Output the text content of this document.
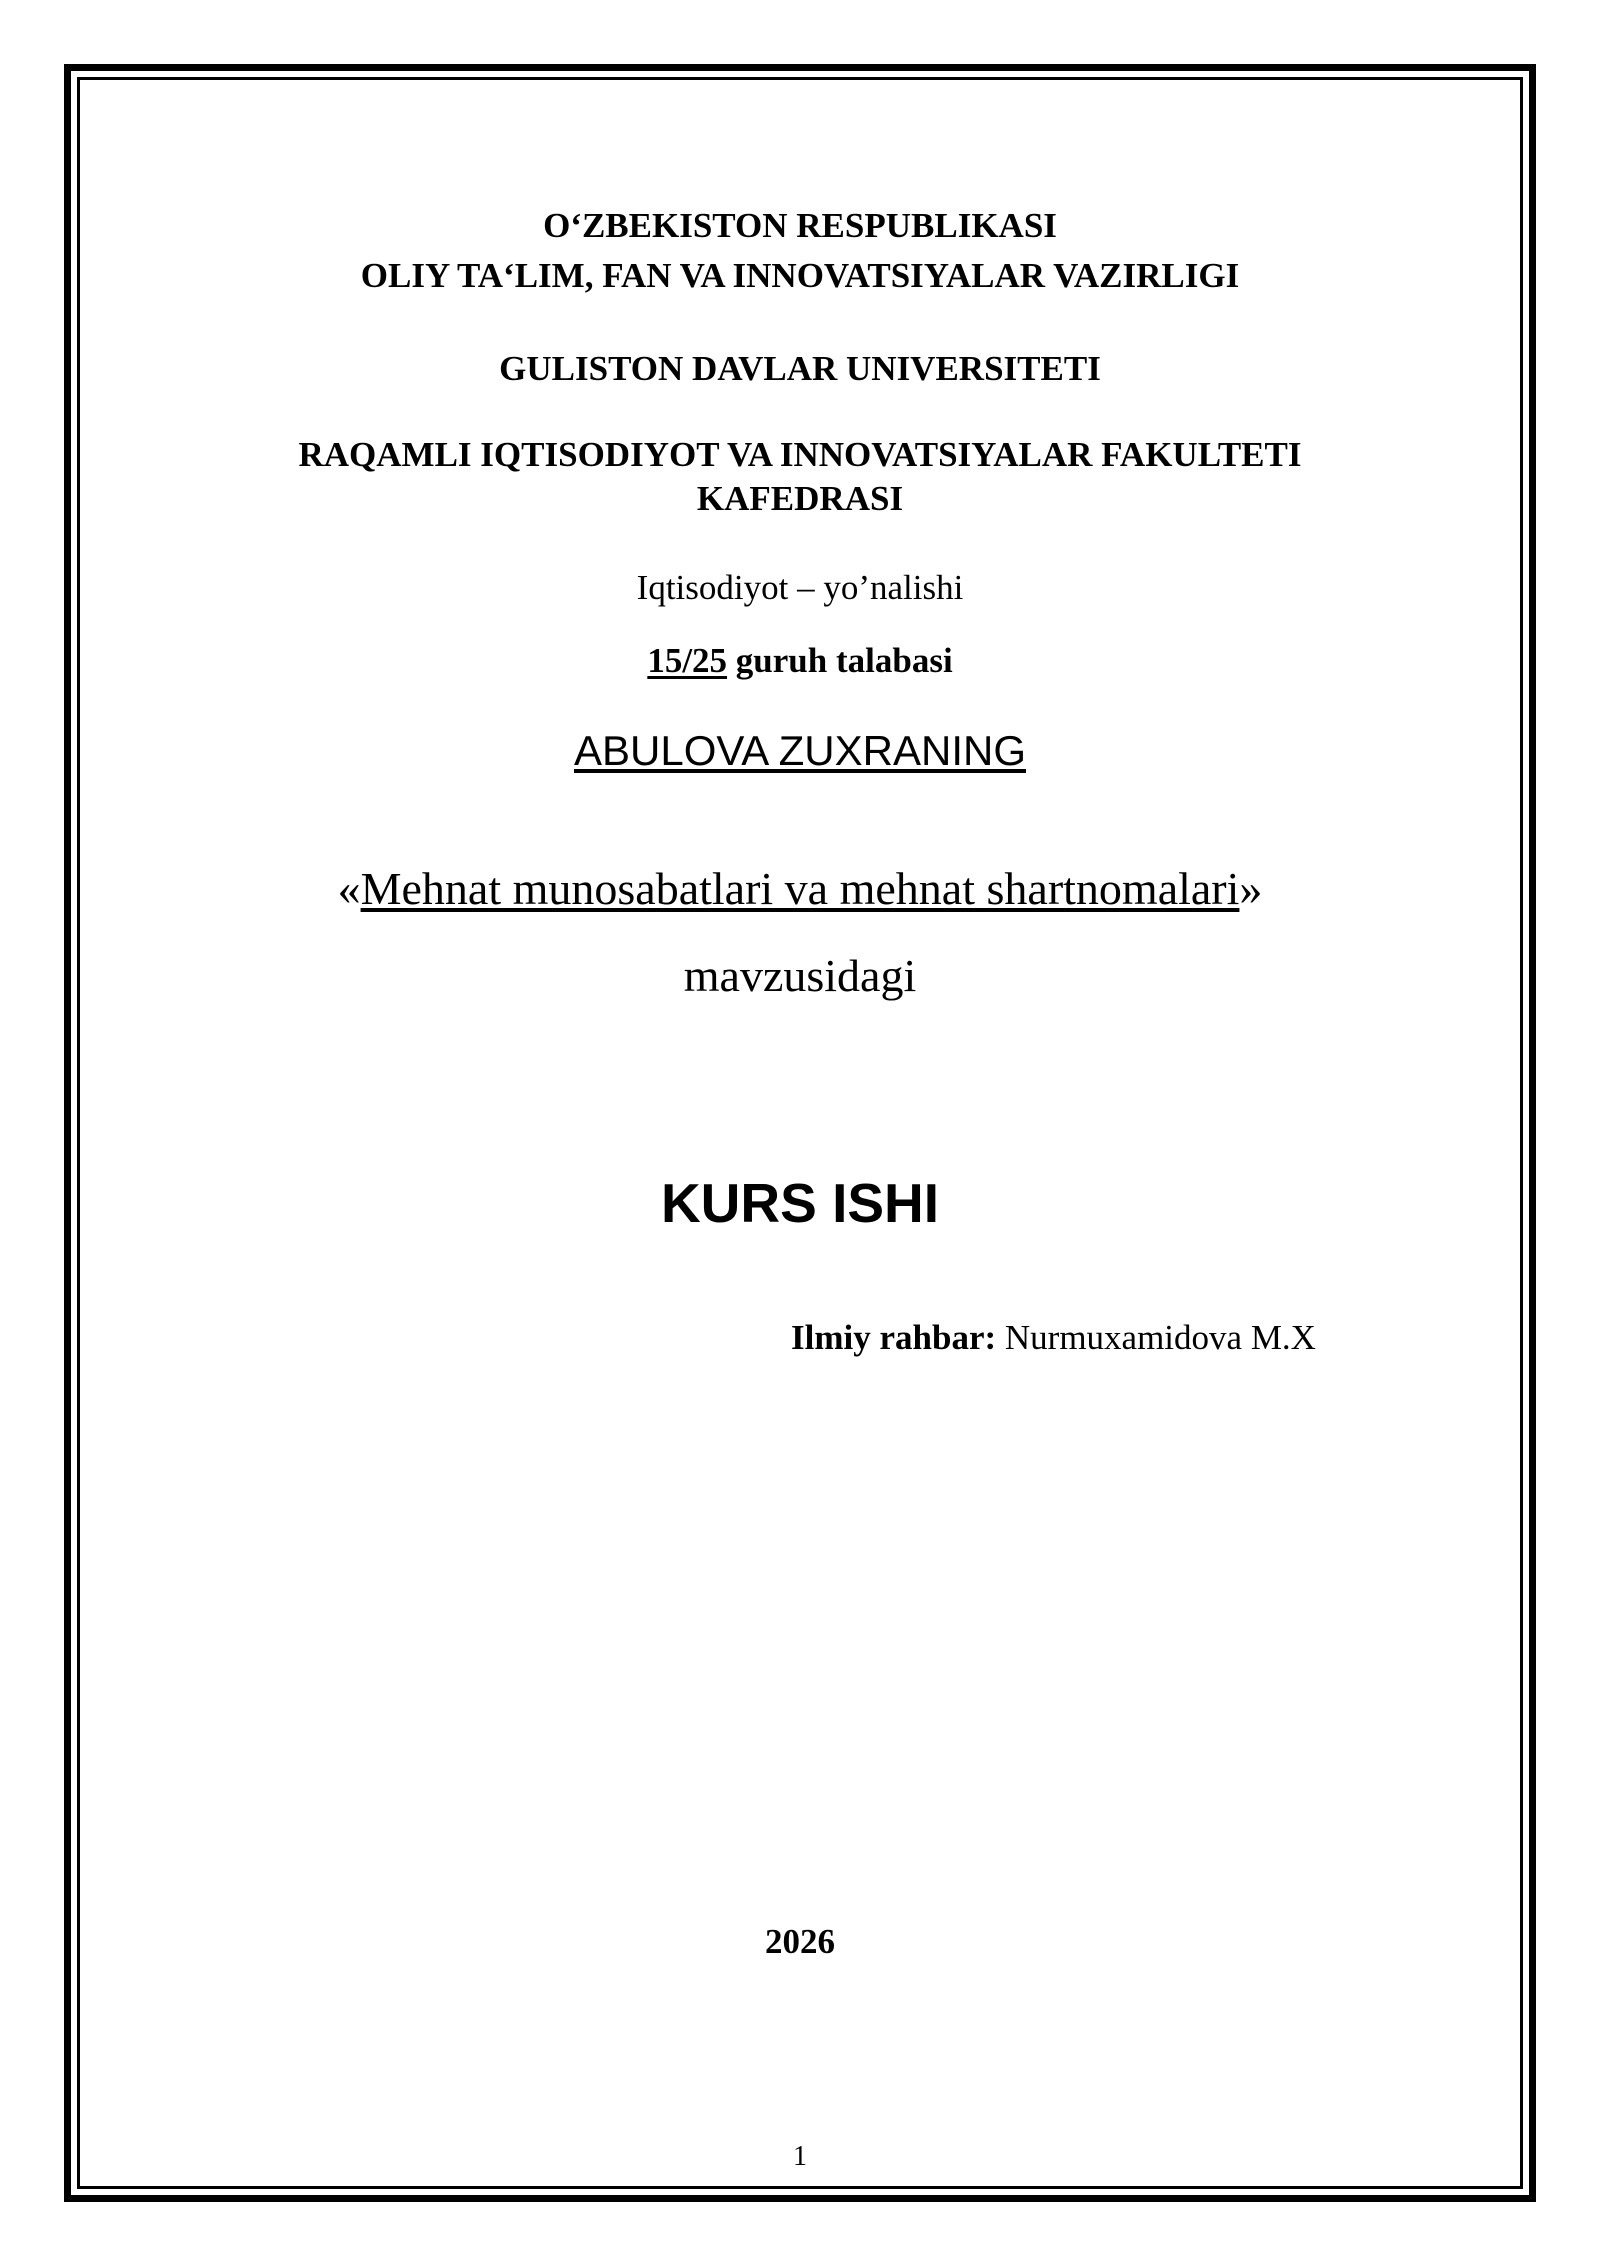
O‘ZBEKISTON RESPUBLIKASI
OLIY TA‘LIM, FAN VA INNOVATSIYALAR VAZIRLIGI
GULISTON DAVLAR UNIVERSITETI
RAQAMLI IQTISODIYOT VA INNOVATSIYALAR FAKULTETI
KAFEDRASI
Iqtisodiyot – yo’nalishi
15/25 guruh talabasi
ABULOVA ZUXRANING
«Mehnat munosabatlari va mehnat shartnomalari»
mavzusidagi
KURS ISHI
Ilmiy rahbar: Nurmuxamidova M.X
2026
1
